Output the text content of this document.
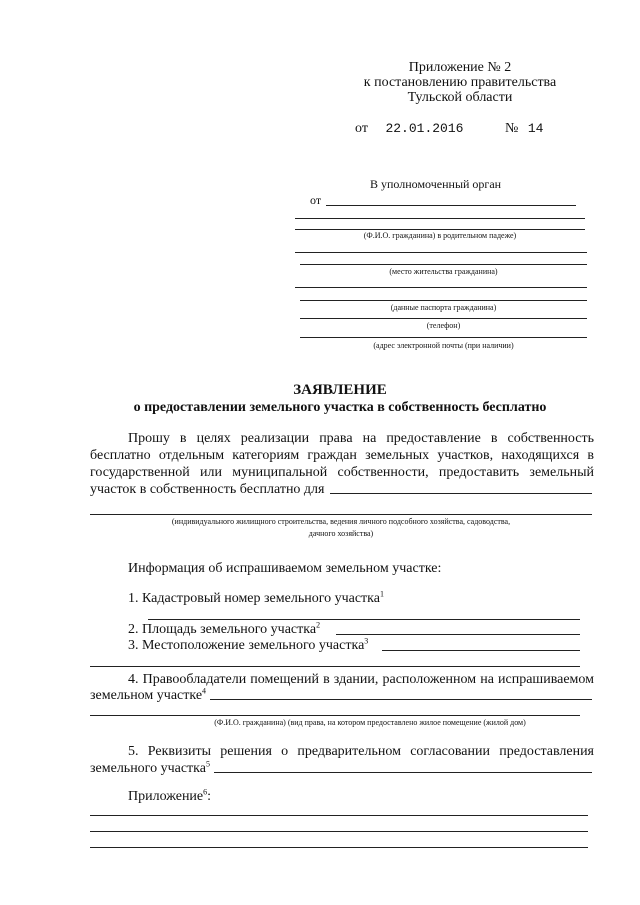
Приложение № 2
к постановлению правительства
Тульской области
от 22.01.2016	№ 14
В уполномоченный орган
от
(Ф.И.О. гражданина) в родительном падеже)
(место жительства гражданина)
(данные паспорта гражданина)
(телефон)
(адрес электронной почты (при наличии)
ЗАЯВЛЕНИЕ
о предоставлении земельного участка в собственность бесплатно
Прошу в целях реализации права на предоставление в собственность
бесплатно отдельным категориям граждан земельных участков, находящихся в
государственной или муниципальной собственности, предоставить земельный
участок в собственность бесплатно для
(индивидуального жилищного строительства, ведения личного подсобного хозяйства, садоводства,
дачного хозяйства)
Информация об испрашиваемом земельном участке:
1. Кадастровый номер земельного участка$^1$
2. Площадь земельного участка$^2$
3. Местоположение земельного участка$^3$
4. Правообладатели помещений в здании, расположенном на испрашиваемом
земельном участке$^4$
(Ф.И.О. гражданина) (вид права, на котором предоставлено жилое помещение (жилой дом)
5. Реквизиты решения о предварительном согласовании предоставления
земельного участка$^5$
Приложение$^6$:
